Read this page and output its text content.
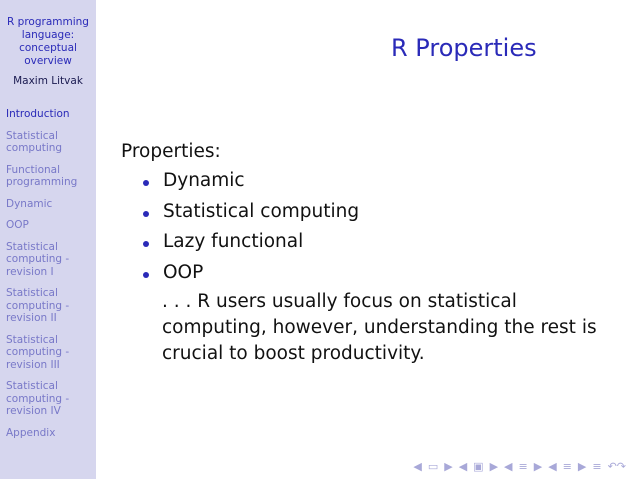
R programming
language:
conceptual
overview
Maxim Litvak
Introduction
Statistical
computing
Functional
programming
Dynamic
OOP
Statistical
computing -
revision I
Statistical
computing -
revision II
Statistical
computing -
revision III
Statistical
computing -
revision IV
Appendix
R Properties
Properties:
Dynamic
Statistical computing
Lazy functional
OOP
. . . R users usually focus on statistical computing, however, understanding the rest is crucial to boost productivity.
◀ ▭ ▶ ◀ ▣ ▶ ◀ ≡ ▶ ◀ ≡ ▶ ≡ ↶↷
